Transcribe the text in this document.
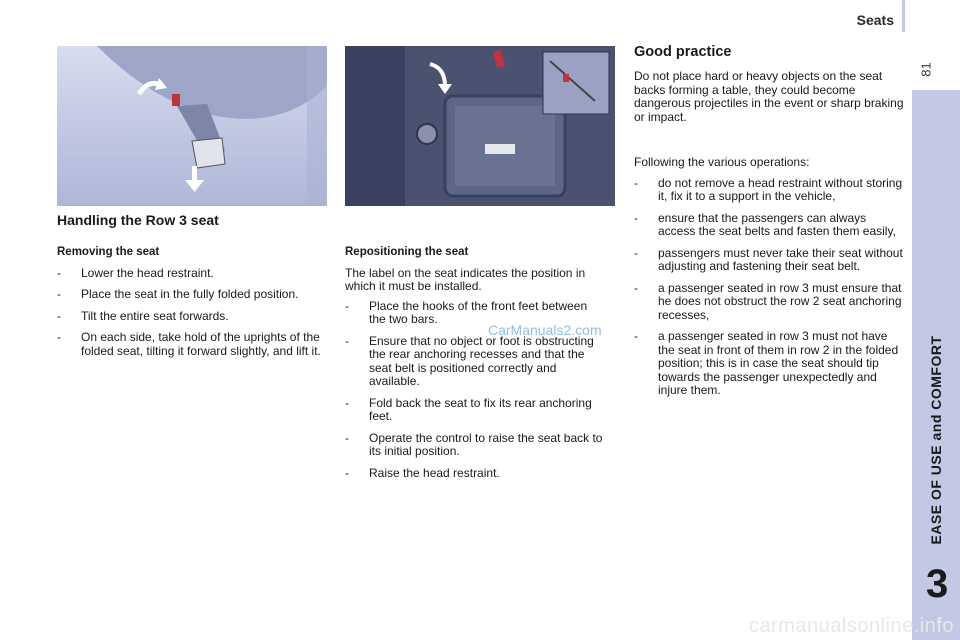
Seats
81
EASE OF USE and COMFORT
3
Handling the Row 3 seat
Removing the seat
- Lower the head restraint.
- Place the seat in the fully folded position.
- Tilt the entire seat forwards.
- On each side, take hold of the uprights of the folded seat, tilting it forward slightly, and lift it.
Repositioning the seat

The label on the seat indicates the position in which it must be installed.

- Place the hooks of the front feet between the two bars.
- Ensure that no object or foot is obstructing the rear anchoring recesses and that the seat belt is positioned correctly and available.
- Fold back the seat to fix its rear anchoring feet.
- Operate the control to raise the seat back to its initial position.
- Raise the head restraint.
Good practice

Do not place hard or heavy objects on the seat backs forming a table, they could become dangerous projectiles in the event or sharp braking or impact.

Following the various operations:

- do not remove a head restraint without storing it, fix it to a support in the vehicle,
- ensure that the passengers can always access the seat belts and fasten them easily,
- passengers must never take their seat without adjusting and fastening their seat belt.
- a passenger seated in row 3 must ensure that he does not obstruct the row 2 seat anchoring recesses,
- a passenger seated in row 3 must not have the seat in front of them in row 2 in the folded position; this is in case the seat should tip towards the passenger unexpectedly and injure them.
CarManuals2.com
carmanualsonline.info
